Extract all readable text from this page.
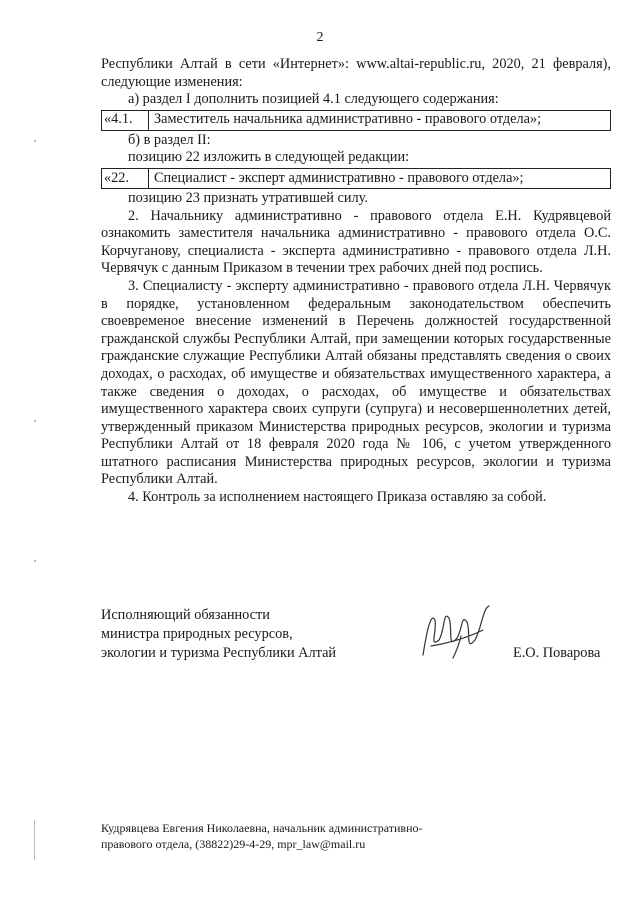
2

Республики Алтай в сети «Интернет»: www.altai-republic.ru, 2020, 21 февраля), следующие изменения:

а) раздел I дополнить позицией 4.1 следующего содержания:

«4.1.	Заместитель начальника административно - правового отдела»;

б) в раздел II:

позицию 22 изложить в следующей редакции:

«22.	Специалист - эксперт административно - правового отдела»;

позицию 23 признать утратившей силу.

2. Начальнику административно - правового отдела Е.Н. Кудрявцевой ознакомить заместителя начальника административно - правового отдела О.С. Корчуганову, специалиста - эксперта административно - правового отдела Л.Н. Червячук с данным Приказом в течении трех рабочих дней под роспись.

3. Специалисту - эксперту административно - правового отдела Л.Н. Червячук в порядке, установленном федеральным законодательством обеспечить своевременое внесение изменений в Перечень должностей государственной гражданской службы Республики Алтай, при замещении которых государственные гражданские служащие Республики Алтай обязаны представлять сведения о своих доходах, о расходах, об имуществе и обязательствах имущественного характера, а также сведения о доходах, о расходах, об имуществе и обязательствах имущественного характера своих супруги (супруга) и несовершеннолетних детей, утвержденный приказом Министерства природных ресурсов, экологии и туризма Республики Алтай от 18 февраля 2020 года № 106, с учетом утвержденного штатного расписания Министерства природных ресурсов, экологии и туризма Республики Алтай.

4. Контроль за исполнением настоящего Приказа оставляю за собой.

Исполняющий обязанности
министра природных ресурсов,
экологии и туризма Республики Алтай	Е.О. Поварова
Кудрявцева Евгения Николаевна, начальник административно-
правового отдела, (38822)29-4-29, mpr_law@mail.ru
